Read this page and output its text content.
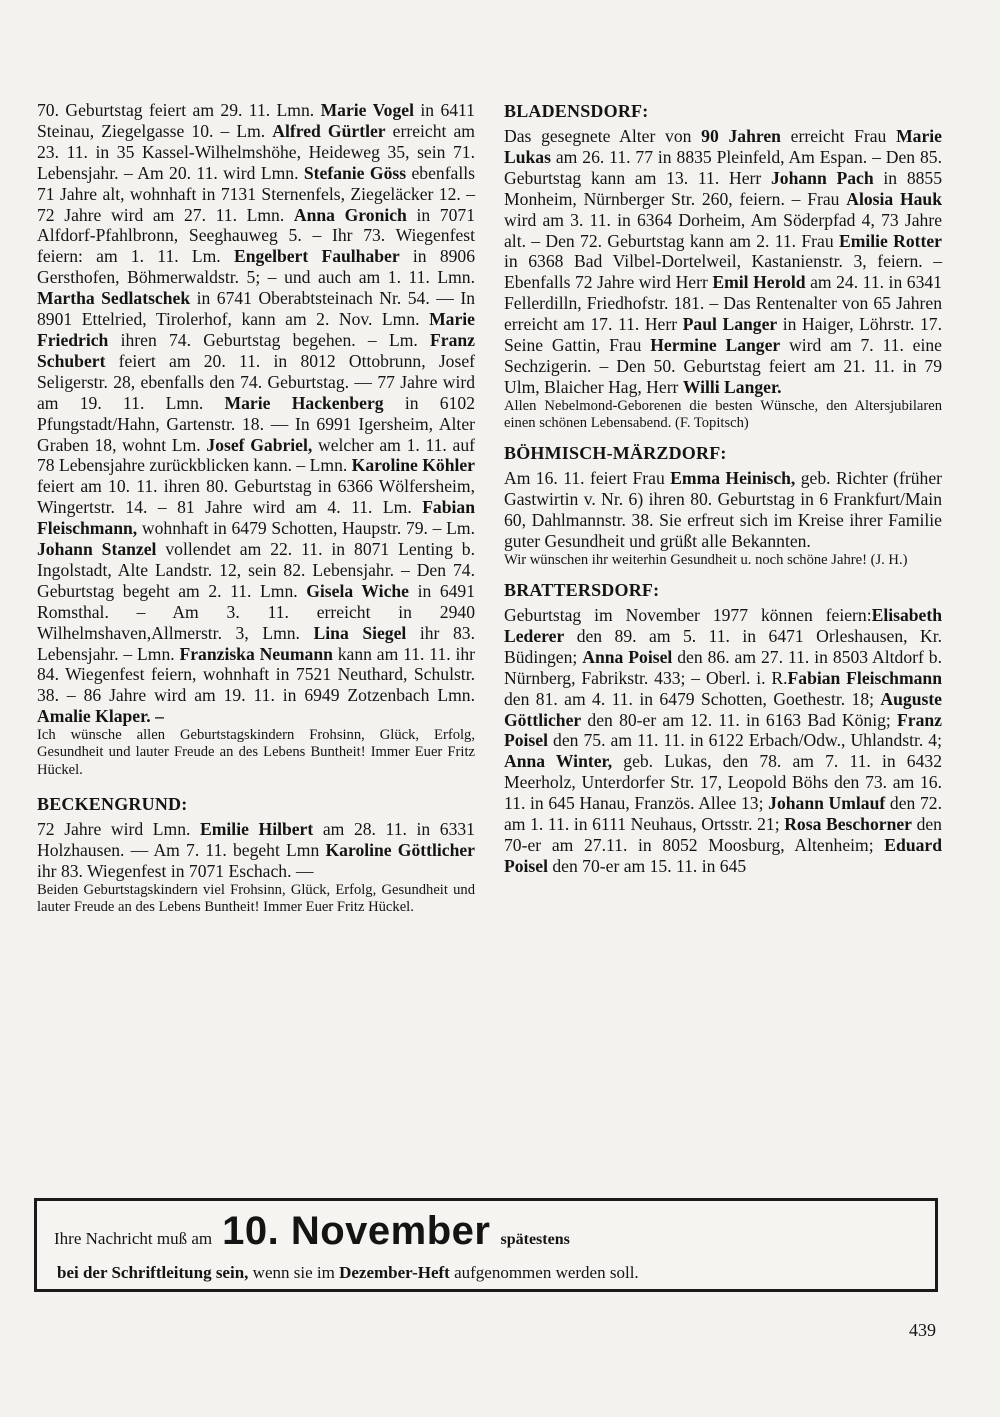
70. Geburtstag feiert am 29. 11. Lmn. Marie Vogel in 6411 Steinau, Ziegelgasse 10. – Lm. Alfred Gürtler erreicht am 23. 11. in 35 Kassel-Wilhelmshöhe, Heideweg 35, sein 71. Lebensjahr. – Am 20. 11. wird Lmn. Stefanie Göss ebenfalls 71 Jahre alt, wohnhaft in 7131 Sternenfels, Ziegeläcker 12. – 72 Jahre wird am 27. 11. Lmn. Anna Gronich in 7071 Alfdorf-Pfahlbronn, Seeghauweg 5. – Ihr 73. Wiegenfest feiern: am 1. 11. Lm. Engelbert Faulhaber in 8906 Gersthofen, Böhmerwaldstr. 5; – und auch am 1. 11. Lmn. Martha Sedlatschek in 6741 Oberabtsteinach Nr. 54. — In 8901 Ettelried, Tirolerhof, kann am 2. Nov. Lmn. Marie Friedrich ihren 74. Geburtstag begehen. – Lm. Franz Schubert feiert am 20. 11. in 8012 Ottobrunn, Josef Seligerstr. 28, ebenfalls den 74. Geburtstag. — 77 Jahre wird am 19. 11. Lmn. Marie Hackenberg in 6102 Pfungstadt/Hahn, Gartenstr. 18. — In 6991 Igersheim, Alter Graben 18, wohnt Lm. Josef Gabriel, welcher am 1. 11. auf 78 Lebensjahre zurückblicken kann. – Lmn. Karoline Köhler feiert am 10. 11. ihren 80. Geburtstag in 6366 Wölfersheim, Wingertstr. 14. – 81 Jahre wird am 4. 11. Lm. Fabian Fleischmann, wohnhaft in 6479 Schotten, Haupstr. 79. – Lm. Johann Stanzel vollendet am 22. 11. in 8071 Lenting b. Ingolstadt, Alte Landstr. 12, sein 82. Lebensjahr. – Den 74. Geburtstag begeht am 2. 11. Lmn. Gisela Wiche in 6491 Romsthal. – Am 3. 11. erreicht in 2940 Wilhelmshaven,Allmerstr. 3, Lmn. Lina Siegel ihr 83. Lebensjahr. – Lmn. Franziska Neumann kann am 11. 11. ihr 84. Wiegenfest feiern, wohnhaft in 7521 Neuthard, Schulstr. 38. – 86 Jahre wird am 19. 11. in 6949 Zotzenbach Lmn. Amalie Klaper. –

Ich wünsche allen Geburtstagskindern Frohsinn, Glück, Erfolg, Gesundheit und lauter Freude an des Lebens Buntheit! Immer Euer Fritz Hückel.

BECKENGRUND:

72 Jahre wird Lmn. Emilie Hilbert am 28. 11. in 6331 Holzhausen. — Am 7. 11. begeht Lmn Karoline Göttlicher ihr 83. Wiegenfest in 7071 Eschach. —

Beiden Geburtstagskindern viel Frohsinn, Glück, Erfolg, Gesundheit und lauter Freude an des Lebens Buntheit! Immer Euer Fritz Hückel.

BLADENSDORF:

Das gesegnete Alter von 90 Jahren erreicht Frau Marie Lukas am 26. 11. 77 in 8835 Pleinfeld, Am Espan. – Den 85. Geburtstag kann am 13. 11. Herr Johann Pach in 8855 Monheim, Nürnberger Str. 260, feiern. – Frau Alosia Hauk wird am 3. 11. in 6364 Dorheim, Am Söderpfad 4, 73 Jahre alt. – Den 72. Geburtstag kann am 2. 11. Frau Emilie Rotter in 6368 Bad Vilbel-Dortelweil, Kastanienstr. 3, feiern. – Ebenfalls 72 Jahre wird Herr Emil Herold am 24. 11. in 6341 Fellerdilln, Friedhofstr. 181. – Das Rentenalter von 65 Jahren erreicht am 17. 11. Herr Paul Langer in Haiger, Löhrstr. 17. Seine Gattin, Frau Hermine Langer wird am 7. 11. eine Sechzigerin. – Den 50. Geburtstag feiert am 21. 11. in 79 Ulm, Blaicher Hag, Herr Willi Langer.

Allen Nebelmond-Geborenen die besten Wünsche, den Altersjubilaren einen schönen Lebensabend. (F. Topitsch)

BÖHMISCH-MÄRZDORF:

Am 16. 11. feiert Frau Emma Heinisch, geb. Richter (früher Gastwirtin v. Nr. 6) ihren 80. Geburtstag in 6 Frankfurt/Main 60, Dahlmannstr. 38. Sie erfreut sich im Kreise ihrer Familie guter Gesundheit und grüßt alle Bekannten.

Wir wünschen ihr weiterhin Gesundheit u. noch schöne Jahre! (J. H.)

BRATTERSDORF:

Geburtstag im November 1977 können feiern:Elisabeth Lederer den 89. am 5. 11. in 6471 Orleshausen, Kr. Büdingen; Anna Poisel den 86. am 27. 11. in 8503 Altdorf b. Nürnberg, Fabrikstr. 433; – Oberl. i. R.Fabian Fleischmann den 81. am 4. 11. in 6479 Schotten, Goethestr. 18; Auguste Göttlicher den 80-er am 12. 11. in 6163 Bad König; Franz Poisel den 75. am 11. 11. in 6122 Erbach/Odw., Uhlandstr. 4; Anna Winter, geb. Lukas, den 78. am 7. 11. in 6432 Meerholz, Unterdorfer Str. 17, Leopold Böhs den 73. am 16. 11. in 645 Hanau, Französ. Allee 13; Johann Umlauf den 72. am 1. 11. in 6111 Neuhaus, Ortsstr. 21; Rosa Beschorner den 70-er am 27.11. in 8052 Moosburg, Altenheim; Eduard Poisel den 70-er am 15. 11. in 645

Ihre Nachricht muß am 10. November spätestens
bei der Schriftleitung sein, wenn sie im Dezember-Heft aufgenommen werden soll.
439
